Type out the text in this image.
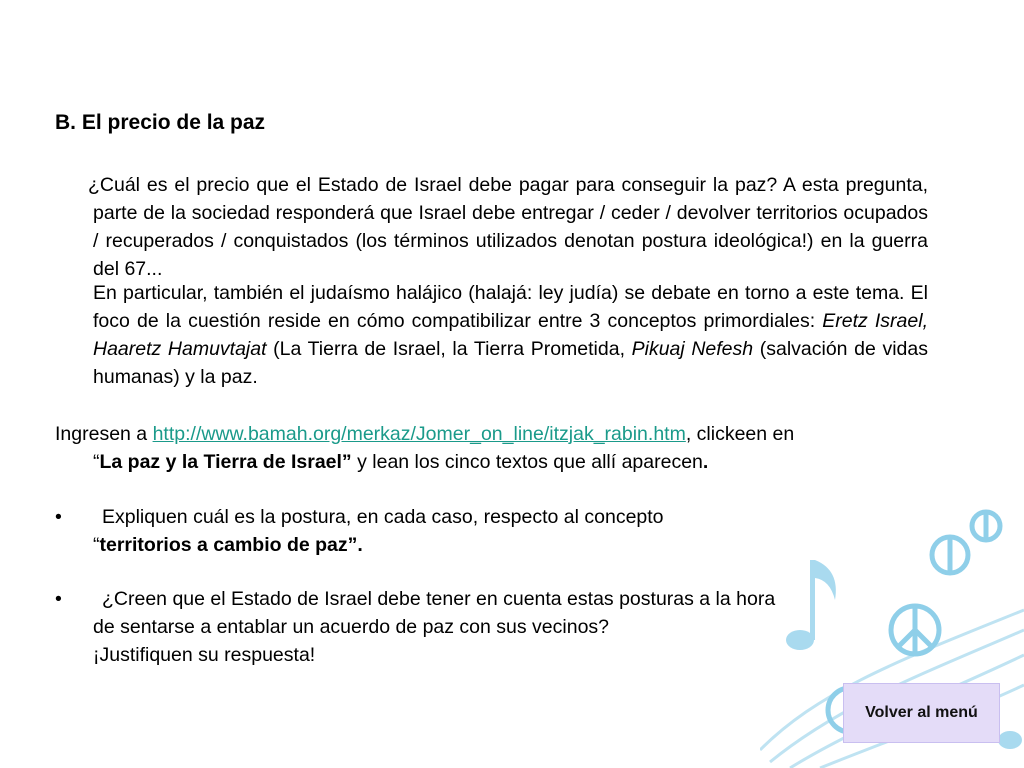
B. El precio de la paz

¿Cuál es el precio que el Estado de Israel debe pagar para conseguir la paz? A esta pregunta, parte de la sociedad responderá que Israel debe entregar / ceder / devolver territorios ocupados / recuperados / conquistados (los términos utilizados denotan postura ideológica!) en la guerra del 67...

En particular, también el judaísmo halájico (halajá: ley judía) se debate en torno a este tema. El foco de la cuestión reside en cómo compatibilizar entre 3 conceptos primordiales: Eretz Israel, Haaretz Hamuvtajat (La Tierra de Israel, la Tierra Prometida, Pikuaj Nefesh (salvación de vidas humanas) y la paz.

Ingresen a http://www.bamah.org/merkaz/Jomer_on_line/itzjak_rabin.htm, clickeen en
“La paz y la Tierra de Israel” y lean los cinco textos que allí aparecen.
• Expliquen cuál es la postura, en cada caso, respecto al concepto
“territorios a cambio de paz”.
• ¿Creen que el Estado de Israel debe tener en cuenta estas posturas a la hora
de sentarse a entablar un acuerdo de paz con sus vecinos?
¡Justifiquen su respuesta!
Volver al menú
